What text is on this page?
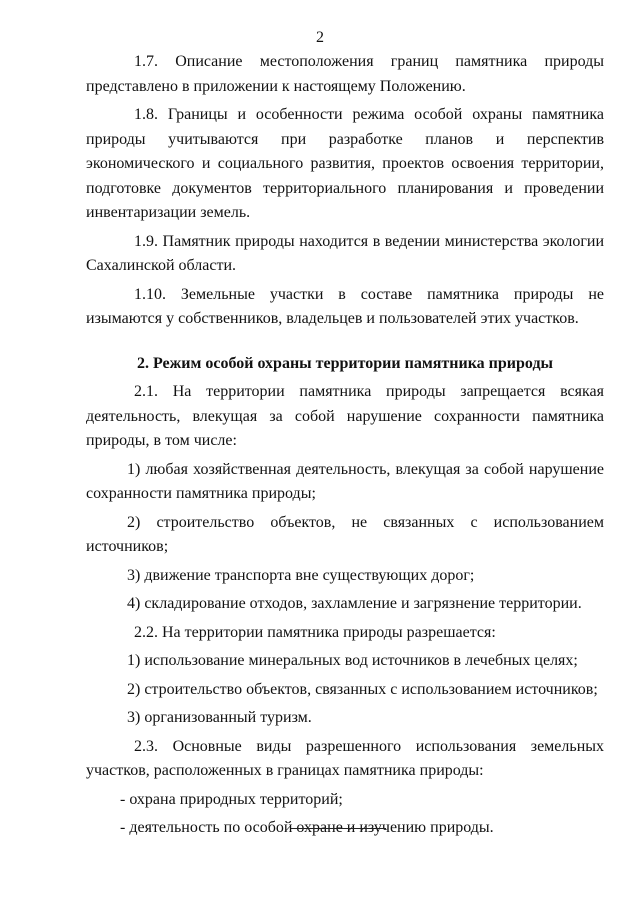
2

1.7. Описание местоположения границ памятника природы представлено в приложении к настоящему Положению.

1.8. Границы и особенности режима особой охраны памятника природы учитываются при разработке планов и перспектив экономического и социального развития, проектов освоения территории, подготовке документов территориального планирования и проведении инвентаризации земель.

1.9. Памятник природы находится в ведении министерства экологии Сахалинской области.

1.10. Земельные участки в составе памятника природы не изымаются у собственников, владельцев и пользователей этих участков.

2. Режим особой охраны территории памятника природы

2.1. На территории памятника природы запрещается всякая деятельность, влекущая за собой нарушение сохранности памятника природы, в том числе:

1) любая хозяйственная деятельность, влекущая за собой нарушение сохранности памятника природы;

2) строительство объектов, не связанных с использованием источников;

3) движение транспорта вне существующих дорог;

4) складирование отходов, захламление и загрязнение территории.

2.2. На территории памятника природы разрешается:

1) использование минеральных вод источников в лечебных целях;

2) строительство объектов, связанных с использованием источников;

3) организованный туризм.

2.3. Основные виды разрешенного использования земельных участков, расположенных в границах памятника природы:

- охрана природных территорий;

- деятельность по особой охране и изучению природы.
